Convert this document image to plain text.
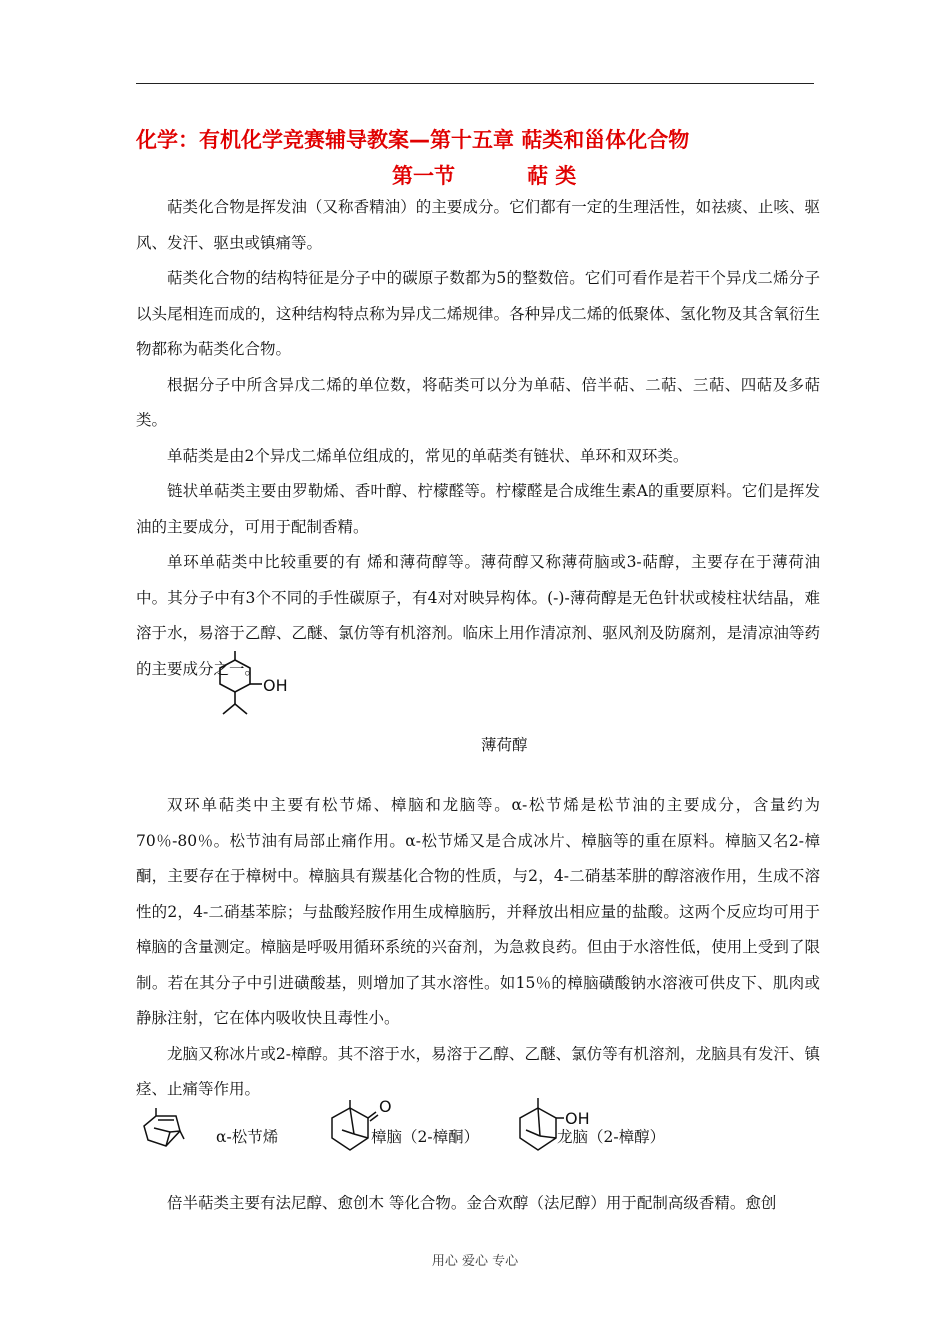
化学：有机化学竞赛辅导教案—第十五章 萜类和甾体化合物
第一节	萜 类

萜类化合物是挥发油（又称香精油）的主要成分。它们都有一定的生理活性，如祛痰、止咳、驱风、发汗、驱虫或镇痛等。

萜类化合物的结构特征是分子中的碳原子数都为5的整数倍。它们可看作是若干个异戊二烯分子以头尾相连而成的，这种结构特点称为异戊二烯规律。各种异戊二烯的低聚体、氢化物及其含氧衍生物都称为萜类化合物。

根据分子中所含异戊二烯的单位数，将萜类可以分为单萜、倍半萜、二萜、三萜、四萜及多萜类。

单萜类是由2个异戊二烯单位组成的，常见的单萜类有链状、单环和双环类。

链状单萜类主要由罗勒烯、香叶醇、柠檬醛等。柠檬醛是合成维生素A的重要原料。它们是挥发油的主要成分，可用于配制香精。

单环单萜类中比较重要的有 烯和薄荷醇等。薄荷醇又称薄荷脑或3-萜醇，主要存在于薄荷油中。其分子中有3个不同的手性碳原子，有4对对映异构体。(-)-薄荷醇是无色针状或棱柱状结晶，难溶于水，易溶于乙醇、乙醚、氯仿等有机溶剂。临床上用作清凉剂、驱风剂及防腐剂，是清凉油等药的主要成分之一。

OH
薄荷醇

双环单萜类中主要有松节烯、樟脑和龙脑等。α-松节烯是松节油的主要成分，含量约为70％-80％。松节油有局部止痛作用。α-松节烯又是合成冰片、樟脑等的重在原料。樟脑又名2-樟酮，主要存在于樟树中。樟脑具有羰基化合物的性质，与2，4-二硝基苯肼的醇溶液作用，生成不溶性的2，4-二硝基苯腙；与盐酸羟胺作用生成樟脑肟，并释放出相应量的盐酸。这两个反应均可用于樟脑的含量测定。樟脑是呼吸用循环系统的兴奋剂，为急救良药。但由于水溶性低，使用上受到了限制。若在其分子中引进磺酸基，则增加了其水溶性。如15％的樟脑磺酸钠水溶液可供皮下、肌肉或静脉注射，它在体内吸收快且毒性小。

龙脑又称冰片或2-樟醇。其不溶于水，易溶于乙醇、乙醚、氯仿等有机溶剂，龙脑具有发汗、镇痉、止痛等作用。

α-松节烯
O
樟脑（2-樟酮）
OH
龙脑（2-樟醇）

倍半萜类主要有法尼醇、愈创木 等化合物。金合欢醇（法尼醇）用于配制高级香精。愈创

用心 爱心 专心
